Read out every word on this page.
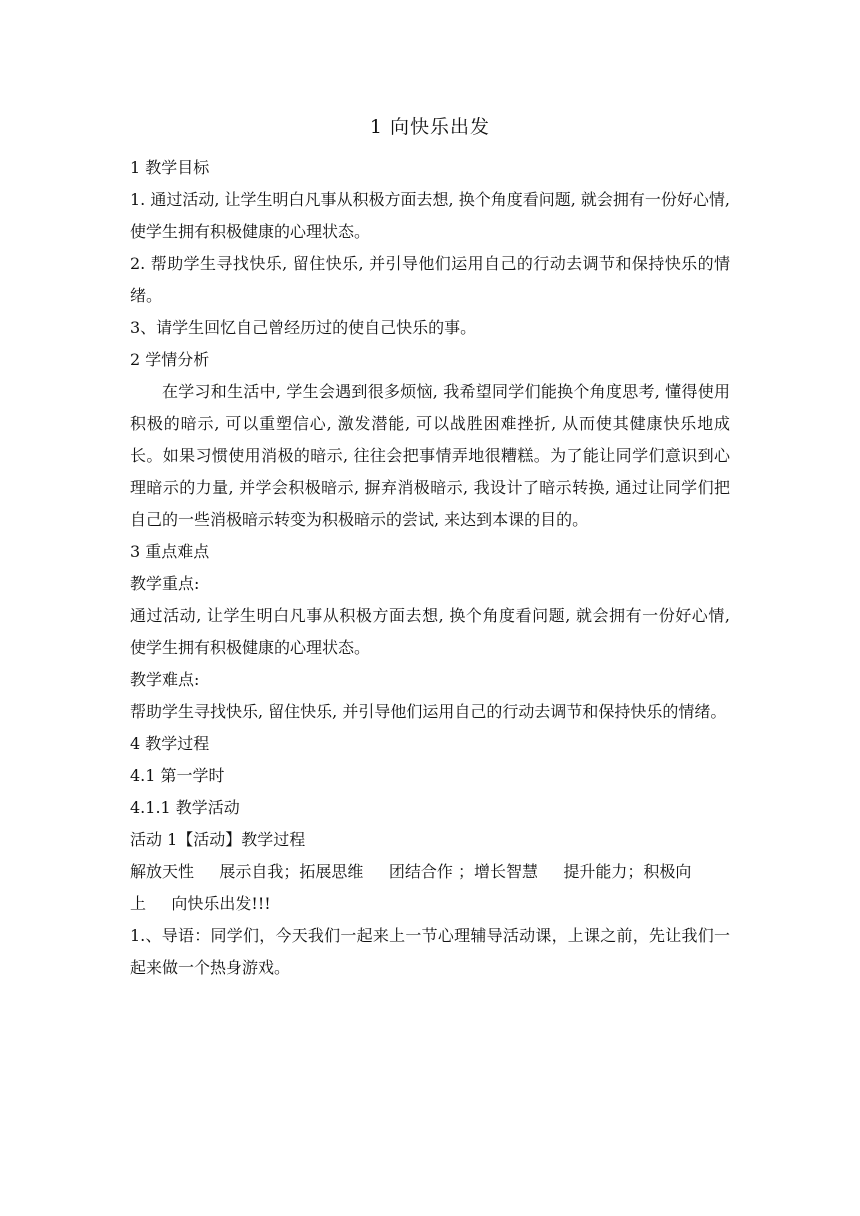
1 向快乐出发

1 教学目标

1. 通过活动, 让学生明白凡事从积极方面去想, 换个角度看问题, 就会拥有一份好心情, 使学生拥有积极健康的心理状态。

2. 帮助学生寻找快乐, 留住快乐, 并引导他们运用自己的行动去调节和保持快乐的情绪。

3、请学生回忆自己曾经历过的使自己快乐的事。

2 学情分析

在学习和生活中, 学生会遇到很多烦恼, 我希望同学们能换个角度思考, 懂得使用积极的暗示, 可以重塑信心, 激发潜能, 可以战胜困难挫折, 从而使其健康快乐地成长。如果习惯使用消极的暗示, 往往会把事情弄地很糟糕。为了能让同学们意识到心理暗示的力量, 并学会积极暗示, 摒弃消极暗示, 我设计了暗示转换, 通过让同学们把自己的一些消极暗示转变为积极暗示的尝试, 来达到本课的目的。

3 重点难点

教学重点:

通过活动, 让学生明白凡事从积极方面去想, 换个角度看问题, 就会拥有一份好心情, 使学生拥有积极健康的心理状态。

教学难点:

帮助学生寻找快乐, 留住快乐, 并引导他们运用自己的行动去调节和保持快乐的情绪。

4 教学过程

4.1 第一学时

4.1.1 教学活动

活动 1【活动】教学过程

解放天性     展示自我；拓展思维     团结合作 ；增长智慧     提升能力；积极向

上     向快乐出发!!!

1.、导语：同学们，今天我们一起来上一节心理辅导活动课，上课之前，先让我们一起来做一个热身游戏。
